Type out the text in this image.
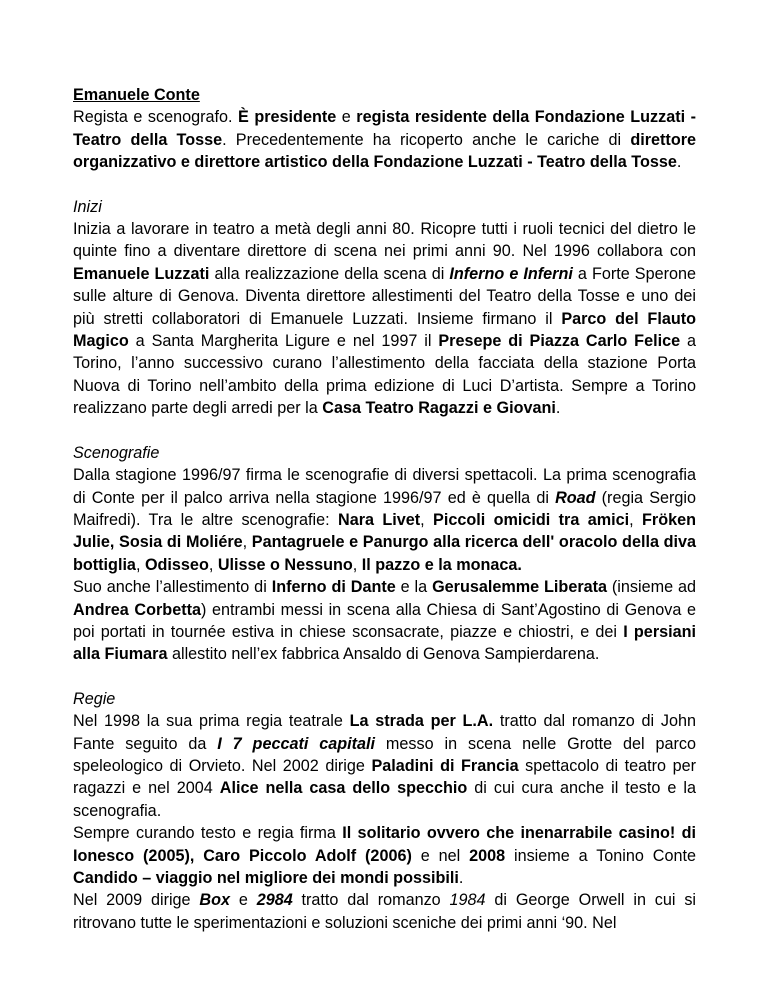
Emanuele Conte

Regista e scenografo. È presidente e regista residente della Fondazione Luzzati - Teatro della Tosse. Precedentemente ha ricoperto anche le cariche di direttore organizzativo e direttore artistico della Fondazione Luzzati - Teatro della Tosse.

Inizi

Inizia a lavorare in teatro a metà degli anni 80. Ricopre tutti i ruoli tecnici del dietro le quinte fino a diventare direttore di scena nei primi anni 90. Nel 1996 collabora con Emanuele Luzzati alla realizzazione della scena di Inferno e Inferni a Forte Sperone sulle alture di Genova. Diventa direttore allestimenti del Teatro della Tosse e uno dei più stretti collaboratori di Emanuele Luzzati. Insieme firmano il Parco del Flauto Magico a Santa Margherita Ligure e nel 1997 il Presepe di Piazza Carlo Felice a Torino, l’anno successivo curano l’allestimento della facciata della stazione Porta Nuova di Torino nell’ambito della prima edizione di Luci D’artista. Sempre a Torino realizzano parte degli arredi per la Casa Teatro Ragazzi e Giovani.

Scenografie

Dalla stagione 1996/97 firma le scenografie di diversi spettacoli. La prima scenografia di Conte per il palco arriva nella stagione 1996/97 ed è quella di Road (regia Sergio Maifredi). Tra le altre scenografie: Nara Livet, Piccoli omicidi tra amici, Fröken Julie, Sosia di Moliére, Pantagruele e Panurgo alla ricerca dell' oracolo della diva bottiglia, Odisseo, Ulisse o Nessuno, Il pazzo e la monaca.

Suo anche l’allestimento di Inferno di Dante e la Gerusalemme Liberata (insieme ad Andrea Corbetta) entrambi messi in scena alla Chiesa di Sant’Agostino di Genova e poi portati in tournée estiva in chiese sconsacrate, piazze e chiostri, e dei I persiani alla Fiumara allestito nell’ex fabbrica Ansaldo di Genova Sampierdarena.

Regie

Nel 1998 la sua prima regia teatrale La strada per L.A. tratto dal romanzo di John Fante seguito da I 7 peccati capitali messo in scena nelle Grotte del parco speleologico di Orvieto. Nel 2002 dirige Paladini di Francia spettacolo di teatro per ragazzi e nel 2004 Alice nella casa dello specchio di cui cura anche il testo e la scenografia.

Sempre curando testo e regia firma Il solitario ovvero che inenarrabile casino! di Ionesco (2005), Caro Piccolo Adolf (2006) e nel 2008 insieme a Tonino Conte Candido – viaggio nel migliore dei mondi possibili.

Nel 2009 dirige Box e 2984 tratto dal romanzo 1984 di George Orwell in cui si ritrovano tutte le sperimentazioni e soluzioni sceniche dei primi anni ‘90. Nel
